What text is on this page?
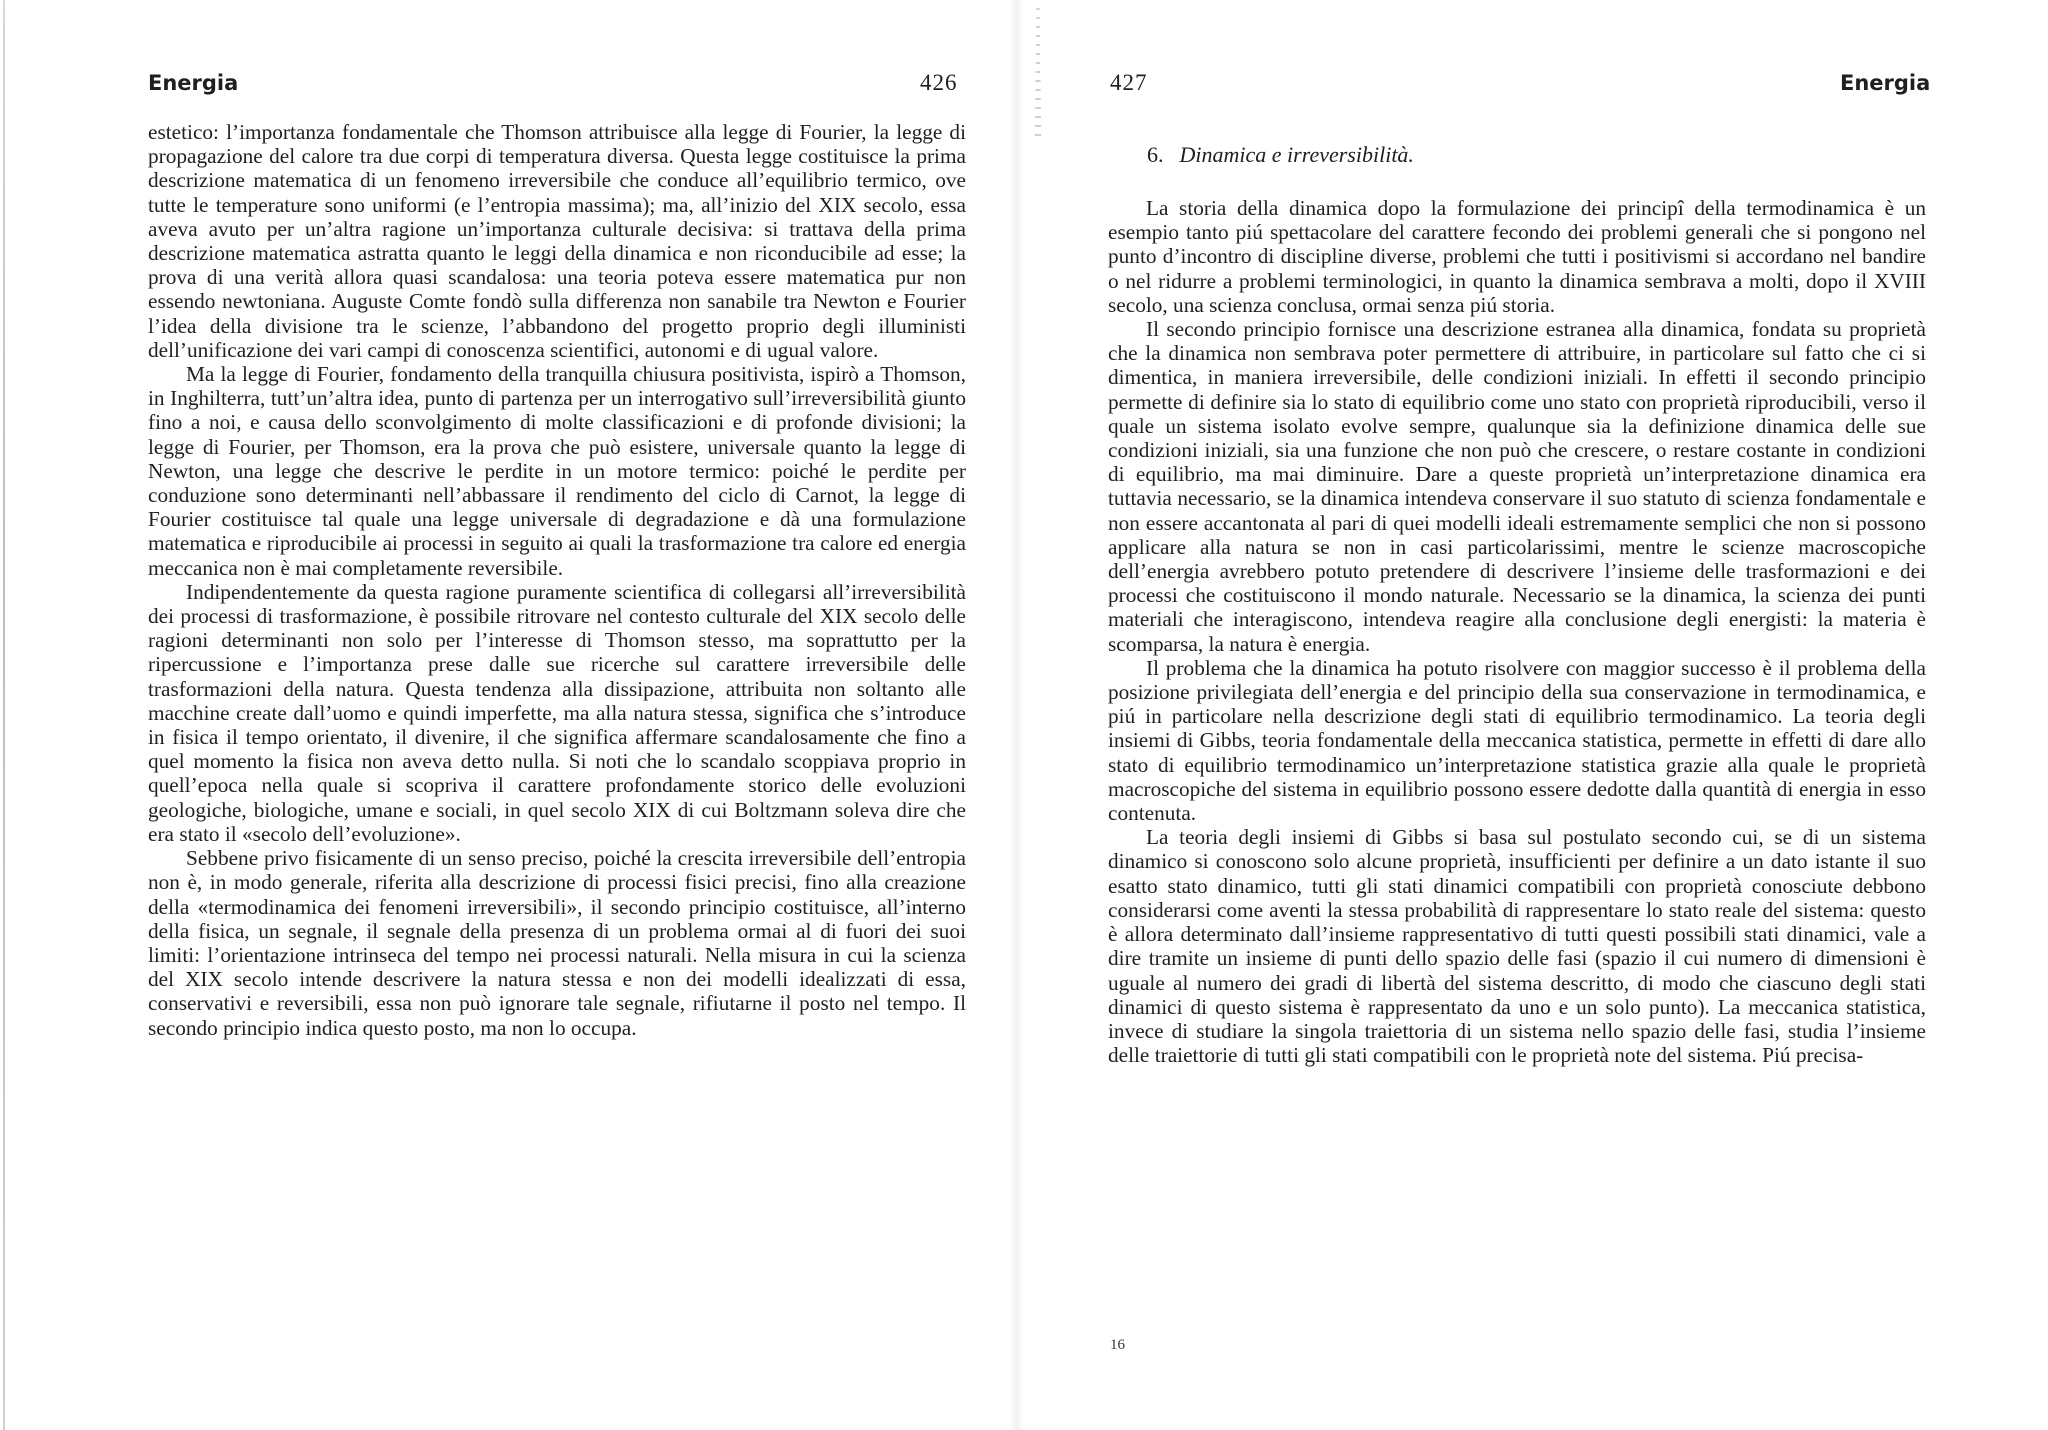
Energia	426

estetico: l’importanza fondamentale che Thomson attribuisce alla legge di Fourier, la legge di propagazione del calore tra due corpi di temperatura diversa. Questa legge costituisce la prima descrizione matematica di un fenomeno irreversibile che conduce all’equilibrio termico, ove tutte le temperature sono uniformi (e l’entropia massima); ma, all’inizio del XIX secolo, essa aveva avuto per un’altra ragione un’importanza culturale decisiva: si trattava della prima descrizione matematica astratta quanto le leggi della dinamica e non riconducibile ad esse; la prova di una verità allora quasi scandalosa: una teoria poteva essere matematica pur non essendo newtoniana. Auguste Comte fondò sulla differenza non sanabile tra Newton e Fourier l’idea della divisione tra le scienze, l’abbandono del progetto proprio degli illuministi dell’unificazione dei vari campi di conoscenza scientifici, autonomi e di ugual valore.

Ma la legge di Fourier, fondamento della tranquilla chiusura positivista, ispirò a Thomson, in Inghilterra, tutt’un’altra idea, punto di partenza per un interrogativo sull’irreversibilità giunto fino a noi, e causa dello sconvolgimento di molte classificazioni e di profonde divisioni; la legge di Fourier, per Thomson, era la prova che può esistere, universale quanto la legge di Newton, una legge che descrive le perdite in un motore termico: poiché le perdite per conduzione sono determinanti nell’abbassare il rendimento del ciclo di Carnot, la legge di Fourier costituisce tal quale una legge universale di degradazione e dà una formulazione matematica e riproducibile ai processi in seguito ai quali la trasformazione tra calore ed energia meccanica non è mai completamente reversibile.

Indipendentemente da questa ragione puramente scientifica di collegarsi all’irreversibilità dei processi di trasformazione, è possibile ritrovare nel contesto culturale del XIX secolo delle ragioni determinanti non solo per l’interesse di Thomson stesso, ma soprattutto per la ripercussione e l’importanza prese dalle sue ricerche sul carattere irreversibile delle trasformazioni della natura. Questa tendenza alla dissipazione, attribuita non soltanto alle macchine create dall’uomo e quindi imperfette, ma alla natura stessa, significa che s’introduce in fisica il tempo orientato, il divenire, il che significa affermare scandalosamente che fino a quel momento la fisica non aveva detto nulla. Si noti che lo scandalo scoppiava proprio in quell’epoca nella quale si scopriva il carattere profondamente storico delle evoluzioni geologiche, biologiche, umane e sociali, in quel secolo XIX di cui Boltzmann soleva dire che era stato il «secolo dell’evoluzione».

Sebbene privo fisicamente di un senso preciso, poiché la crescita irreversibile dell’entropia non è, in modo generale, riferita alla descrizione di processi fisici precisi, fino alla creazione della «termodinamica dei fenomeni irreversibili», il secondo principio costituisce, all’interno della fisica, un segnale, il segnale della presenza di un problema ormai al di fuori dei suoi limiti: l’orientazione intrinseca del tempo nei processi naturali. Nella misura in cui la scienza del XIX secolo intende descrivere la natura stessa e non dei modelli idealizzati di essa, conservativi e reversibili, essa non può ignorare tale segnale, rifiutarne il posto nel tempo. Il secondo principio indica questo posto, ma non lo occupa.

427	Energia
6. Dinamica e irreversibilità.

La storia della dinamica dopo la formulazione dei principî della termodinamica è un esempio tanto piú spettacolare del carattere fecondo dei problemi generali che si pongono nel punto d’incontro di discipline diverse, problemi che tutti i positivismi si accordano nel bandire o nel ridurre a problemi terminologici, in quanto la dinamica sembrava a molti, dopo il XVIII secolo, una scienza conclusa, ormai senza piú storia.

Il secondo principio fornisce una descrizione estranea alla dinamica, fondata su proprietà che la dinamica non sembrava poter permettere di attribuire, in particolare sul fatto che ci si dimentica, in maniera irreversibile, delle condizioni iniziali. In effetti il secondo principio permette di definire sia lo stato di equilibrio come uno stato con proprietà riproducibili, verso il quale un sistema isolato evolve sempre, qualunque sia la definizione dinamica delle sue condizioni iniziali, sia una funzione che non può che crescere, o restare costante in condizioni di equilibrio, ma mai diminuire. Dare a queste proprietà un’interpretazione dinamica era tuttavia necessario, se la dinamica intendeva conservare il suo statuto di scienza fondamentale e non essere accantonata al pari di quei modelli ideali estremamente semplici che non si possono applicare alla natura se non in casi particolarissimi, mentre le scienze macroscopiche dell’energia avrebbero potuto pretendere di descrivere l’insieme delle trasformazioni e dei processi che costituiscono il mondo naturale. Necessario se la dinamica, la scienza dei punti materiali che interagiscono, intendeva reagire alla conclusione degli energisti: la materia è scomparsa, la natura è energia.

Il problema che la dinamica ha potuto risolvere con maggior successo è il problema della posizione privilegiata dell’energia e del principio della sua conservazione in termodinamica, e piú in particolare nella descrizione degli stati di equilibrio termodinamico. La teoria degli insiemi di Gibbs, teoria fondamentale della meccanica statistica, permette in effetti di dare allo stato di equilibrio termodinamico un’interpretazione statistica grazie alla quale le proprietà macroscopiche del sistema in equilibrio possono essere dedotte dalla quantità di energia in esso contenuta.

La teoria degli insiemi di Gibbs si basa sul postulato secondo cui, se di un sistema dinamico si conoscono solo alcune proprietà, insufficienti per definire a un dato istante il suo esatto stato dinamico, tutti gli stati dinamici compatibili con proprietà conosciute debbono considerarsi come aventi la stessa probabilità di rappresentare lo stato reale del sistema: questo è allora determinato dall’insieme rappresentativo di tutti questi possibili stati dinamici, vale a dire tramite un insieme di punti dello spazio delle fasi (spazio il cui numero di dimensioni è uguale al numero dei gradi di libertà del sistema descritto, di modo che ciascuno degli stati dinamici di questo sistema è rappresentato da uno e un solo punto). La meccanica statistica, invece di studiare la singola traiettoria di un sistema nello spazio delle fasi, studia l’insieme delle traiettorie di tutti gli stati compatibili con le proprietà note del sistema. Piú precisa-

16
